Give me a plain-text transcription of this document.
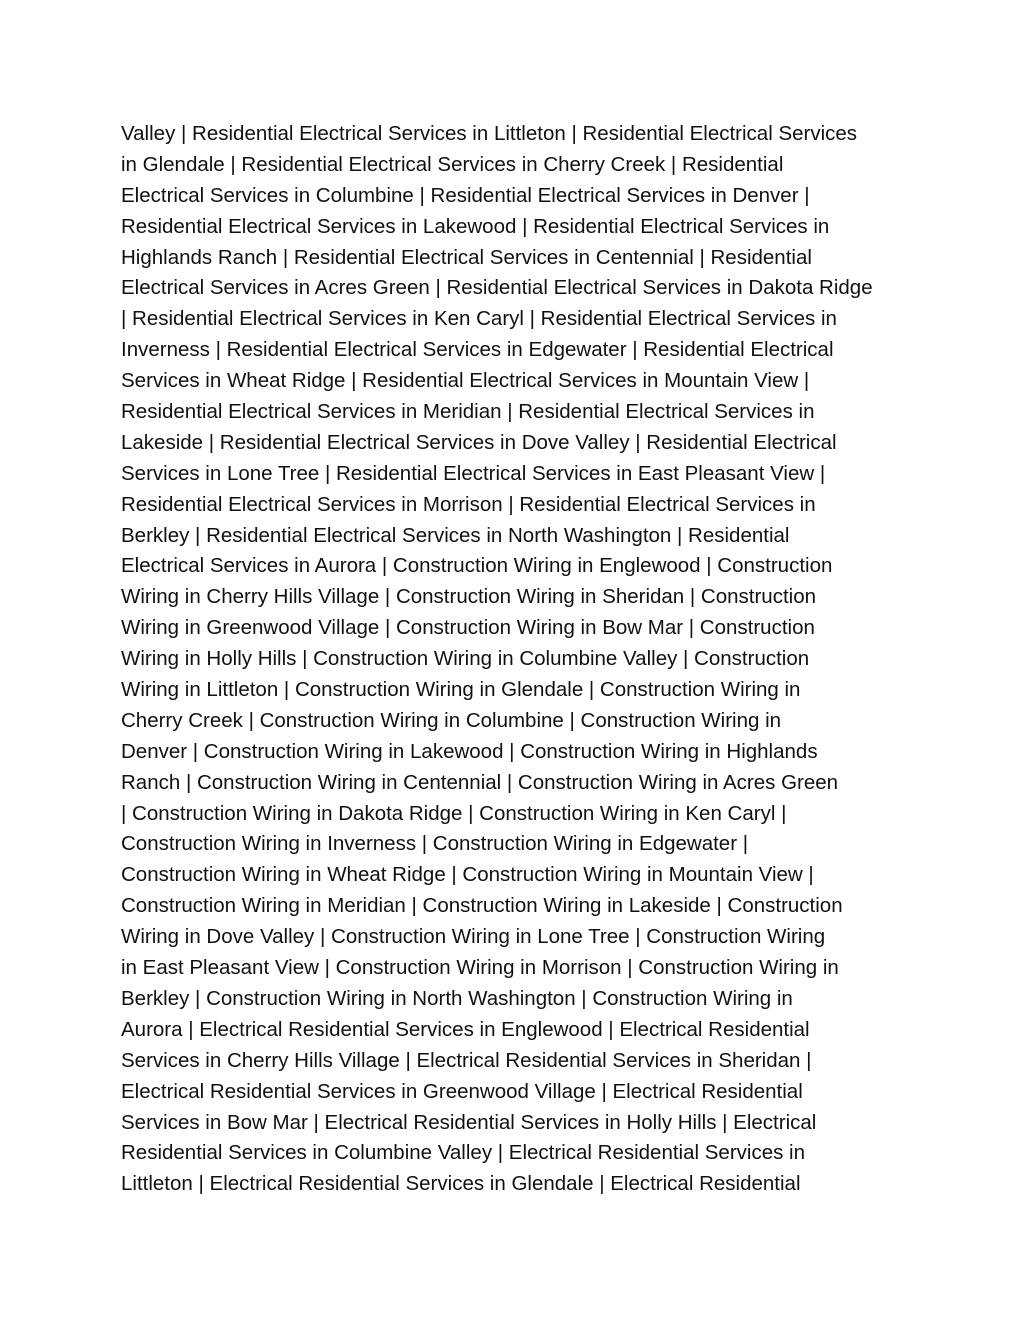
Valley | Residential Electrical Services in Littleton | Residential Electrical Services
in Glendale | Residential Electrical Services in Cherry Creek | Residential
Electrical Services in Columbine | Residential Electrical Services in Denver |
Residential Electrical Services in Lakewood | Residential Electrical Services in
Highlands Ranch | Residential Electrical Services in Centennial | Residential
Electrical Services in Acres Green | Residential Electrical Services in Dakota Ridge
| Residential Electrical Services in Ken Caryl | Residential Electrical Services in
Inverness | Residential Electrical Services in Edgewater | Residential Electrical
Services in Wheat Ridge | Residential Electrical Services in Mountain View |
Residential Electrical Services in Meridian | Residential Electrical Services in
Lakeside | Residential Electrical Services in Dove Valley | Residential Electrical
Services in Lone Tree | Residential Electrical Services in East Pleasant View |
Residential Electrical Services in Morrison | Residential Electrical Services in
Berkley | Residential Electrical Services in North Washington | Residential
Electrical Services in Aurora | Construction Wiring in Englewood | Construction
Wiring in Cherry Hills Village | Construction Wiring in Sheridan | Construction
Wiring in Greenwood Village | Construction Wiring in Bow Mar | Construction
Wiring in Holly Hills | Construction Wiring in Columbine Valley | Construction
Wiring in Littleton | Construction Wiring in Glendale | Construction Wiring in
Cherry Creek | Construction Wiring in Columbine | Construction Wiring in
Denver | Construction Wiring in Lakewood | Construction Wiring in Highlands
Ranch | Construction Wiring in Centennial | Construction Wiring in Acres Green
| Construction Wiring in Dakota Ridge | Construction Wiring in Ken Caryl |
Construction Wiring in Inverness | Construction Wiring in Edgewater |
Construction Wiring in Wheat Ridge | Construction Wiring in Mountain View |
Construction Wiring in Meridian | Construction Wiring in Lakeside | Construction
Wiring in Dove Valley | Construction Wiring in Lone Tree | Construction Wiring
in East Pleasant View | Construction Wiring in Morrison | Construction Wiring in
Berkley | Construction Wiring in North Washington | Construction Wiring in
Aurora | Electrical Residential Services in Englewood | Electrical Residential
Services in Cherry Hills Village | Electrical Residential Services in Sheridan |
Electrical Residential Services in Greenwood Village | Electrical Residential
Services in Bow Mar | Electrical Residential Services in Holly Hills | Electrical
Residential Services in Columbine Valley | Electrical Residential Services in
Littleton | Electrical Residential Services in Glendale | Electrical Residential
